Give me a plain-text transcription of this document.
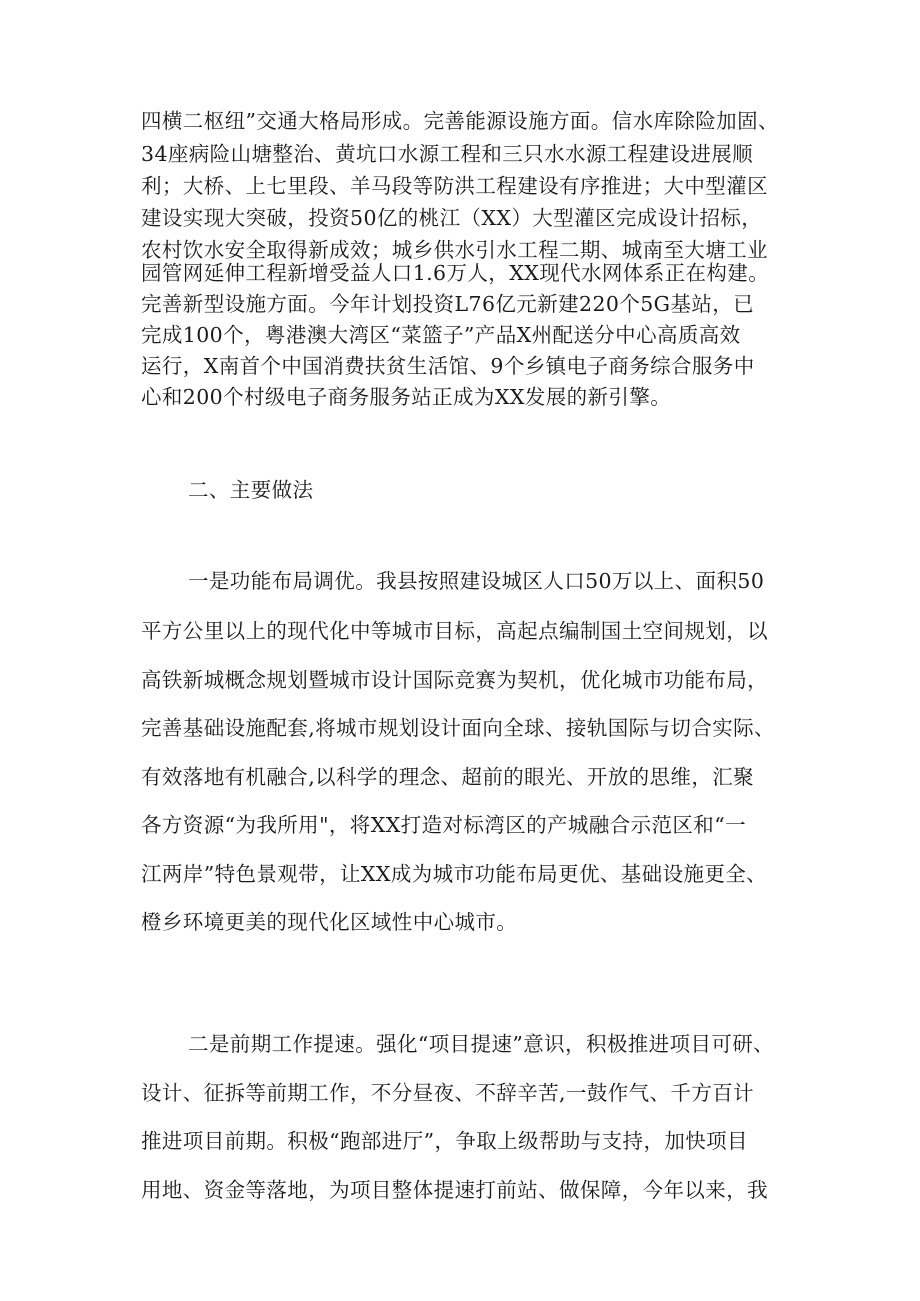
四横二枢纽”交通大格局形成。完善能源设施方面。信水库除险加固、
34座病险山塘整治、黄坑口水源工程和三只水水源工程建设进展顺
利；大桥、上七里段、羊马段等防洪工程建设有序推进；大中型灌区
建设实现大突破，投资50亿的桃江（XX）大型灌区完成设计招标，
农村饮水安全取得新成效；城乡供水引水工程二期、城南至大塘工业
园管网延伸工程新增受益人口1.6万人，XX现代水网体系正在构建。
完善新型设施方面。今年计划投资L76亿元新建220个5G基站，已
完成100个，粤港澳大湾区“菜篮子”产品X州配送分中心高质高效
运行，X南首个中国消费扶贫生活馆、9个乡镇电子商务综合服务中
心和200个村级电子商务服务站正成为XX发展的新引擎。
二、主要做法
一是功能布局调优。我县按照建设城区人口50万以上、面积50
平方公里以上的现代化中等城市目标，高起点编制国土空间规划，以
高铁新城概念规划暨城市设计国际竞赛为契机，优化城市功能布局，
完善基础设施配套,将城市规划设计面向全球、接轨国际与切合实际、
有效落地有机融合,以科学的理念、超前的眼光、开放的思维，汇聚
各方资源“为我所用"，将XX打造对标湾区的产城融合示范区和“一
江两岸”特色景观带，让XX成为城市功能布局更优、基础设施更全、
橙乡环境更美的现代化区域性中心城市。
二是前期工作提速。强化“项目提速”意识，积极推进项目可研、
设计、征拆等前期工作，不分昼夜、不辞辛苦,一鼓作气、千方百计
推进项目前期。积极“跑部进厅”，争取上级帮助与支持，加快项目
用地、资金等落地，为项目整体提速打前站、做保障，今年以来，我
